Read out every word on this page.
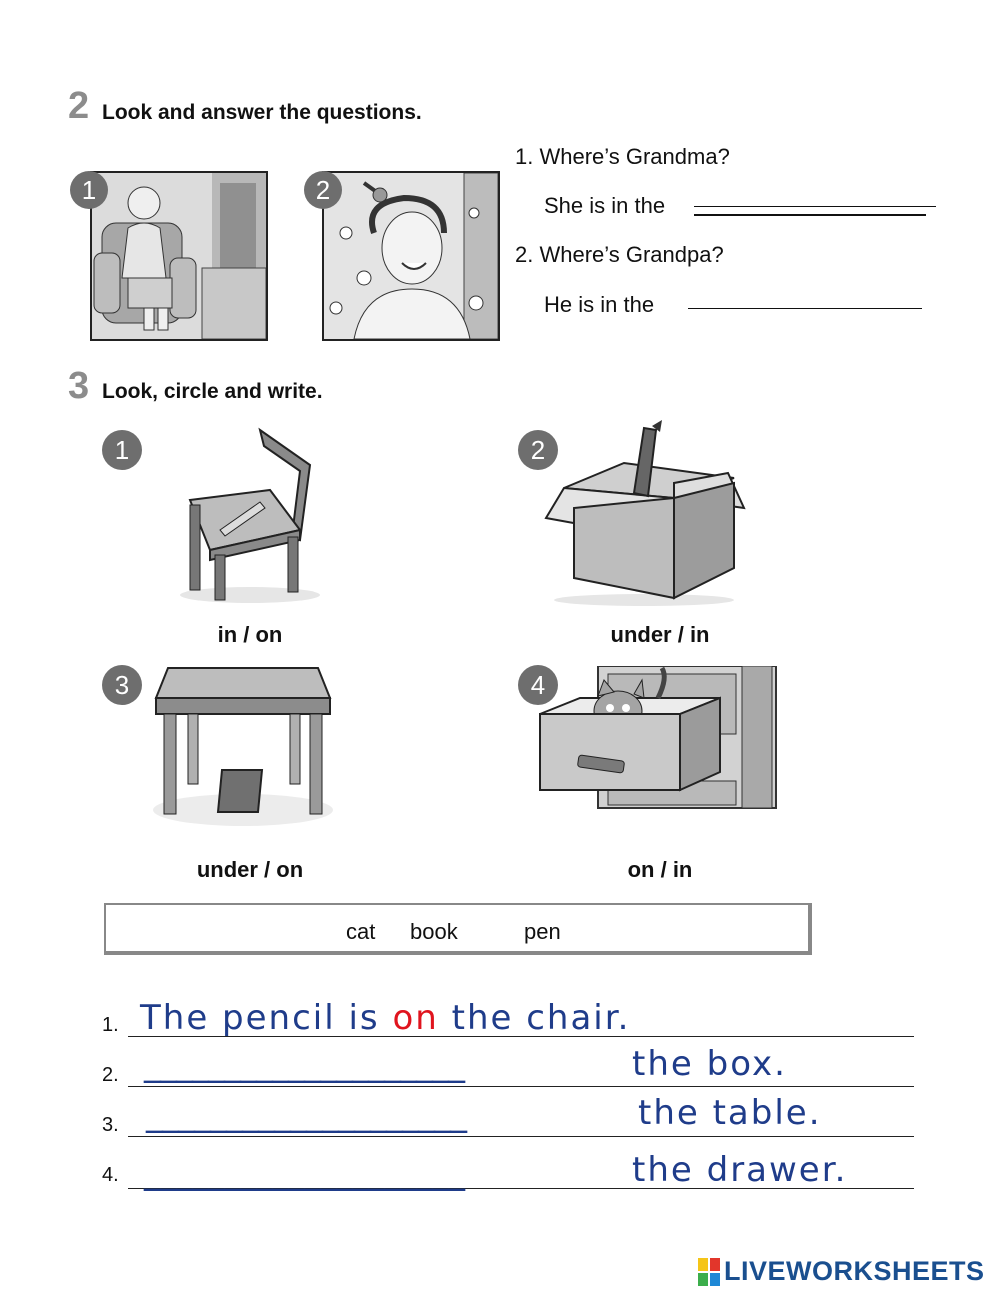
2 Look and answer the questions.
1	2
1. Where’s Grandma?
She is in the
2. Where’s Grandpa?
He is in the
3 Look, circle and write.
1
in / on
2
under / in
3
under / on
4
on / in
cat book	pen
1. The pencil is on the chair.
2. ____________________	the box.
3. ____________________	the table.
4. ____________________	the drawer.
LIVEWORKSHEETS
